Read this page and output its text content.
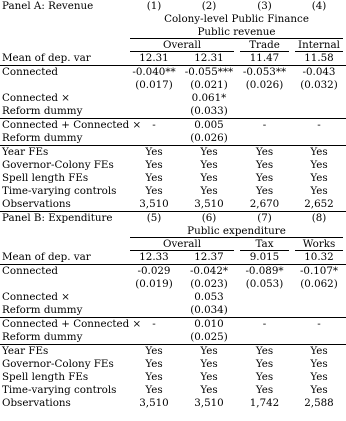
Panel A: Revenue	(1)	(2)	(3)	(4)
	Colony-level Public Finance			
	Public revenue			
	Overall		Trade	Internal
Mean of dep. var	12.31	12.31	11.47	11.58
Connected	-0.040**	-0.055***	-0.053**	-0.043
	(0.017)	(0.021)	(0.026)	(0.032)
Connected ×		0.061*		
Reform dummy		(0.033)		
Connected + Connected ×	-	0.005	-	-
Reform dummy		(0.026)		
Year FEs	Yes	Yes	Yes	Yes
Governor-Colony FEs	Yes	Yes	Yes	Yes
Spell length FEs	Yes	Yes	Yes	Yes
Time-varying controls	Yes	Yes	Yes	Yes
Observations	3,510	3,510	2,670	2,652
Panel B: Expenditure	(5)	(6)	(7)	(8)
	Public expenditure			
	Overall		Tax	Works
Mean of dep. var	12.33	12.37	9.015	10.32
Connected	-0.029	-0.042*	-0.089*	-0.107*
	(0.019)	(0.023)	(0.053)	(0.062)
Connected ×		0.053		
Reform dummy		(0.034)		
Connected + Connected ×	-	0.010	-	-
Reform dummy		(0.025)		
Year FEs	Yes	Yes	Yes	Yes
Governor-Colony FEs	Yes	Yes	Yes	Yes
Spell length FEs	Yes	Yes	Yes	Yes
Time-varying controls	Yes	Yes	Yes	Yes
Observations	3,510	3,510	1,742	2,588
